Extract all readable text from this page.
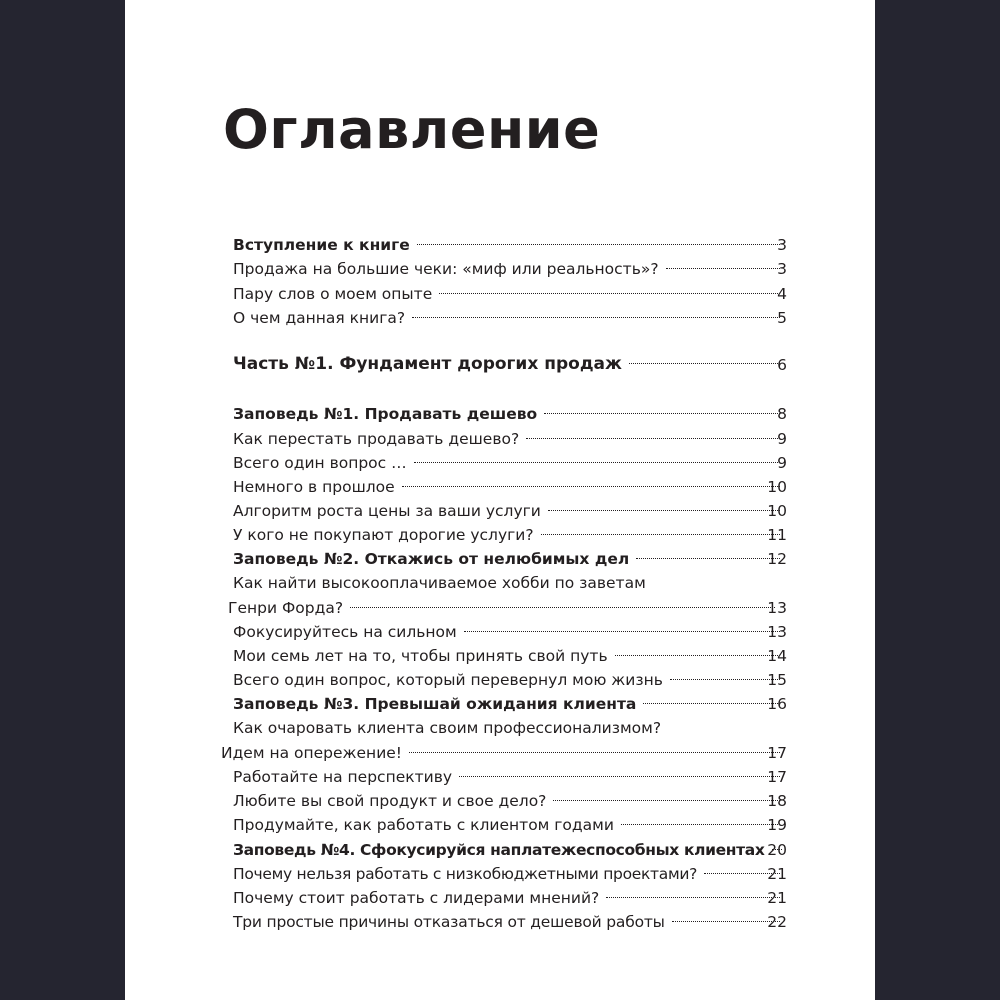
Оглавление
Вступление к книге	3
Продажа на большие чеки: «миф или реальность»?	3
Пару слов о моем опыте	4
О чем данная книга?	5
Часть №1. Фундамент дорогих продаж	6
Заповедь №1. Продавать дешево	8
Как перестать продавать дешево?	9
Всего один вопрос …	9
Немного в прошлое	10
Алгоритм роста цены за ваши услуги	10
У кого не покупают дорогие услуги?	11
Заповедь №2. Откажись от нелюбимых дел	12
Как найти высокооплачиваемое хобби по заветам
Генри Форда?	13
Фокусируйтесь на сильном	13
Мои семь лет на то, чтобы принять свой путь	14
Всего один вопрос, который перевернул мою жизнь	15
Заповедь №3. Превышай ожидания клиента	16
Как очаровать клиента своим профессионализмом?
Идем на опережение!	17
Работайте на перспективу	17
Любите вы свой продукт и свое дело?	18
Продумайте, как работать с клиентом годами	19
Заповедь №4. Сфокусируйся наплатежеспособных клиентах 20
Почему нельзя работать с низкобюджетными проектами?	21
Почему стоит работать с лидерами мнений?	21
Три простые причины отказаться от дешевой работы	22
